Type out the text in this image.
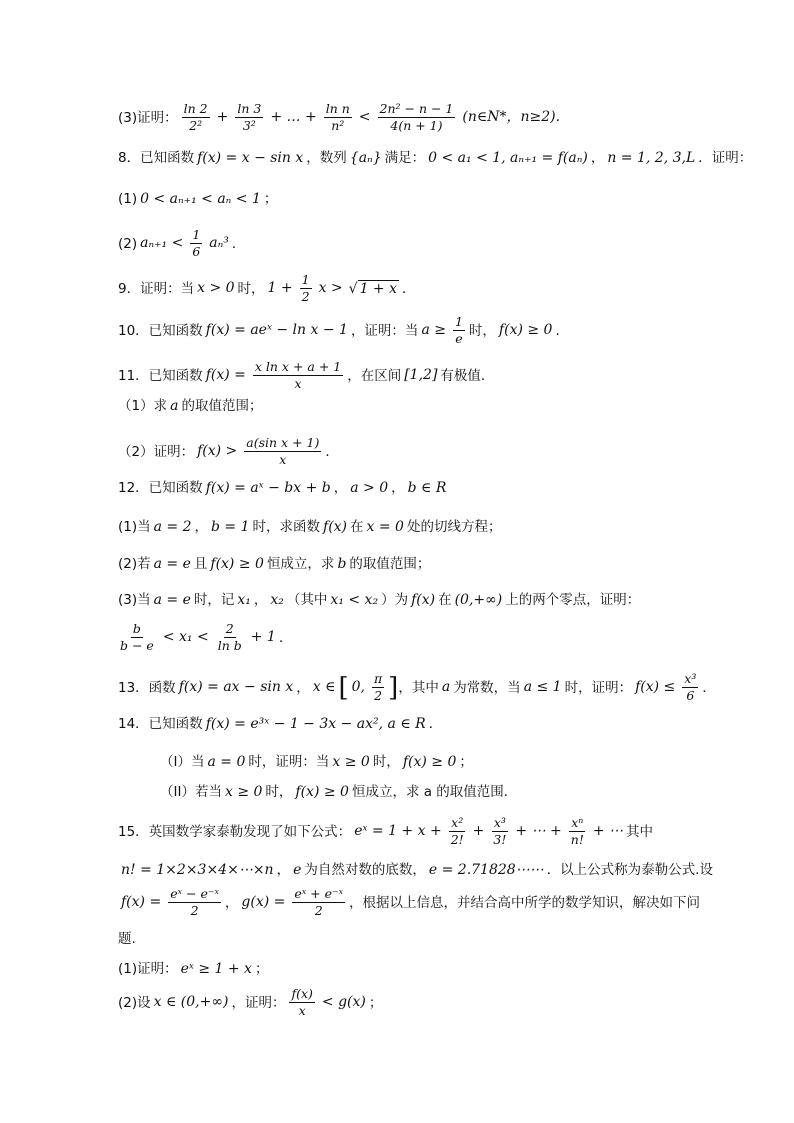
(3)证明： $\frac{\ln 2}{\text{2²}} + \frac{\ln 3}{\text{3²}}$ + … + $\frac{\text{ln n}}{\text{n²}} < \frac{\text{2n² − n − 1}}{4(n + 1)}$ (n∈N*，n≥2).
8．已知函数 f(x) = x − sin x ，数列 {aₙ} 满足： 0 < a₁ < 1, aₙ₊₁ = f(aₙ) ， n = 1, 2, 3,L ．证明：
(1) 0 < aₙ₊₁ < aₙ < 1 ；
(2) $a_{n+1} < \frac{1}{6} a_n^3$ ．
9．证明：当 x > 0 时， $1 + \frac{1}{2}$ x > √ 1 + x ．
10．已知函数 f(x) = aeˣ − ln x − 1 ，证明：当 $a \ge \frac{1}{e}$ 时， f(x) ≥ 0 .
11．已知函数 $f(x) = \frac{\text{x ln x + a + 1}}{x}$ ，在区间 [1,2] 有极值．
（1）求 a 的取值范围；
（2）证明： $f(x) > \frac{\text{a(sin x + 1)}}{x}$ ．
12．已知函数 f(x) = aˣ − bx + b ， a > 0 ， b ∈ R
(1)当 a = 2 ， b = 1 时，求函数 f(x) 在 x = 0 处的切线方程；
(2)若 a = e 且 f(x) ≥ 0 恒成立，求 b 的取值范围；
(3)当 a = e 时，记 x₁ ， x₂ （其中 x₁ < x₂ ）为 f(x) 在 (0,+∞) 上的两个零点，证明：
$\frac{b}{b - e} < x_1 < \frac{2}{\text{ln b}} + 1$ .
13．函数 f(x) = ax − sin x ， x ∈ [ 0, $\frac{\pi}{2}$ ] ，其中 a 为常数，当 a ≤ 1 时，证明： $f(x) \le \frac{\text{x³}}{6}$ ．
14．已知函数 f(x) = e³ˣ − 1 − 3x − ax², a ∈ R ．
（I）当 a = 0 时，证明：当 x ≥ 0 时， f(x) ≥ 0 ；
（II）若当 x ≥ 0 时， f(x) ≥ 0 恒成立，求 a 的取值范围．
15．英国数学家泰勒发现了如下公式： eˣ = $1 + x + \frac{\text{x²}}{2!} + \frac{\text{x³}}{3!}$ + ⋯ + $\frac{\text{xⁿ}}{n!}$ + ⋯ 其中
n! = 1×2×3×4×⋯×n ， e 为自然对数的底数， e = 2.71828⋯⋯ ．以上公式称为泰勒公式.设
$f(x) = \frac{\text{eˣ − e⁻ˣ}}{2}$ ， $g(x) = \frac{\text{eˣ + e⁻ˣ}}{2}$ ，根据以上信息，并结合高中所学的数学知识，解决如下问
题.
(1)证明： eˣ ≥ 1 + x ；
(2)设 x ∈ (0,+∞) ，证明： $\frac{f(x)}{x} < g(x)$ ；
